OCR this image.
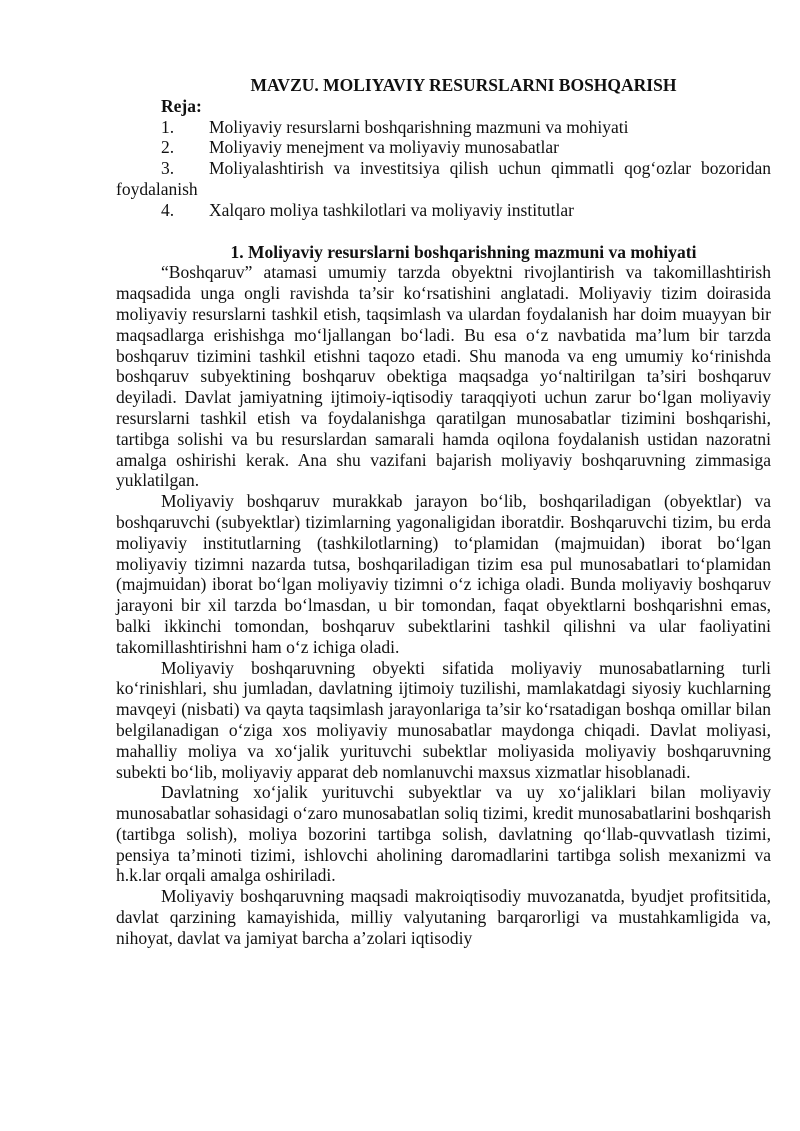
MAVZU. MOLIYAVIY RESURSLARNI BOSHQARISH

Reja:

1. Moliyaviy resurslarni boshqarishning mazmuni va mohiyati
2. Moliyaviy menejment va moliyaviy munosabatlar
3. Moliyalashtirish va investitsiya qilish uchun qimmatli qog‘ozlar bozoridan foydalanish
4. Xalqaro moliya tashkilotlari va moliyaviy institutlar

1. Moliyaviy resurslarni boshqarishning mazmuni va mohiyati

“Boshqaruv” atamasi umumiy tarzda obyektni rivojlantirish va takomillashtirish maqsadida unga ongli ravishda ta’sir ko‘rsatishini anglatadi. Moliyaviy tizim doirasida moliyaviy resurslarni tashkil etish, taqsimlash va ulardan foydalanish har doim muayyan bir maqsadlarga erishishga mo‘ljallangan bo‘ladi. Bu esa o‘z navbatida ma’lum bir tarzda boshqaruv tizimini tashkil etishni taqozo etadi. Shu manoda va eng umumiy ko‘rinishda boshqaruv subyektining boshqaruv obektiga maqsadga yo‘naltirilgan ta’siri boshqaruv deyiladi. Davlat jamiyatning ijtimoiy-iqtisodiy taraqqiyoti uchun zarur bo‘lgan moliyaviy resurslarni tashkil etish va foydalanishga qaratilgan munosabatlar tizimini boshqarishi, tartibga solishi va bu resurslardan samarali hamda oqilona foydalanish ustidan nazoratni amalga oshirishi kerak. Ana shu vazifani bajarish moliyaviy boshqaruvning zimmasiga yuklatilgan.

Moliyaviy boshqaruv murakkab jarayon bo‘lib, boshqariladigan (obyektlar) va boshqaruvchi (subyektlar) tizimlarning yagonaligidan iboratdir. Boshqaruvchi tizim, bu erda moliyaviy institutlarning (tashkilotlarning) to‘plamidan (majmuidan) iborat bo‘lgan moliyaviy tizimni nazarda tutsa, boshqariladigan tizim esa pul munosabatlari to‘plamidan (majmuidan) iborat bo‘lgan moliyaviy tizimni o‘z ichiga oladi. Bunda moliyaviy boshqaruv jarayoni bir xil tarzda bo‘lmasdan, u bir tomondan, faqat obyektlarni boshqarishni emas, balki ikkinchi tomondan, boshqaruv subektlarini tashkil qilishni va ular faoliyatini takomillashtirishni ham o‘z ichiga oladi.

Moliyaviy boshqaruvning obyekti sifatida moliyaviy munosabatlarning turli ko‘rinishlari, shu jumladan, davlatning ijtimoiy tuzilishi, mamlakatdagi siyosiy kuchlarning mavqeyi (nisbati) va qayta taqsimlash jarayonlariga ta’sir ko‘rsatadigan boshqa omillar bilan belgilanadigan o‘ziga xos moliyaviy munosabatlar maydonga chiqadi. Davlat moliyasi, mahalliy moliya va xo‘jalik yurituvchi subektlar moliyasida moliyaviy boshqaruvning subekti bo‘lib, moliyaviy apparat deb nomlanuvchi maxsus xizmatlar hisoblanadi.

Davlatning xo‘jalik yurituvchi subyektlar va uy xo‘jaliklari bilan moliyaviy munosabatlar sohasidagi o‘zaro munosabatlan soliq tizimi, kredit munosabatlarini boshqarish (tartibga solish), moliya bozorini tartibga solish, davlatning qo‘llab-quvvatlash tizimi, pensiya ta’minoti tizimi, ishlovchi aholining daromadlarini tartibga solish mexanizmi va h.k.lar orqali amalga oshiriladi.

Moliyaviy boshqaruvning maqsadi makroiqtisodiy muvozanatda, byudjet profitsitida, davlat qarzining kamayishida, milliy valyutaning barqarorligi va mustahkamligida va, nihoyat, davlat va jamiyat barcha a’zolari iqtisodiy
